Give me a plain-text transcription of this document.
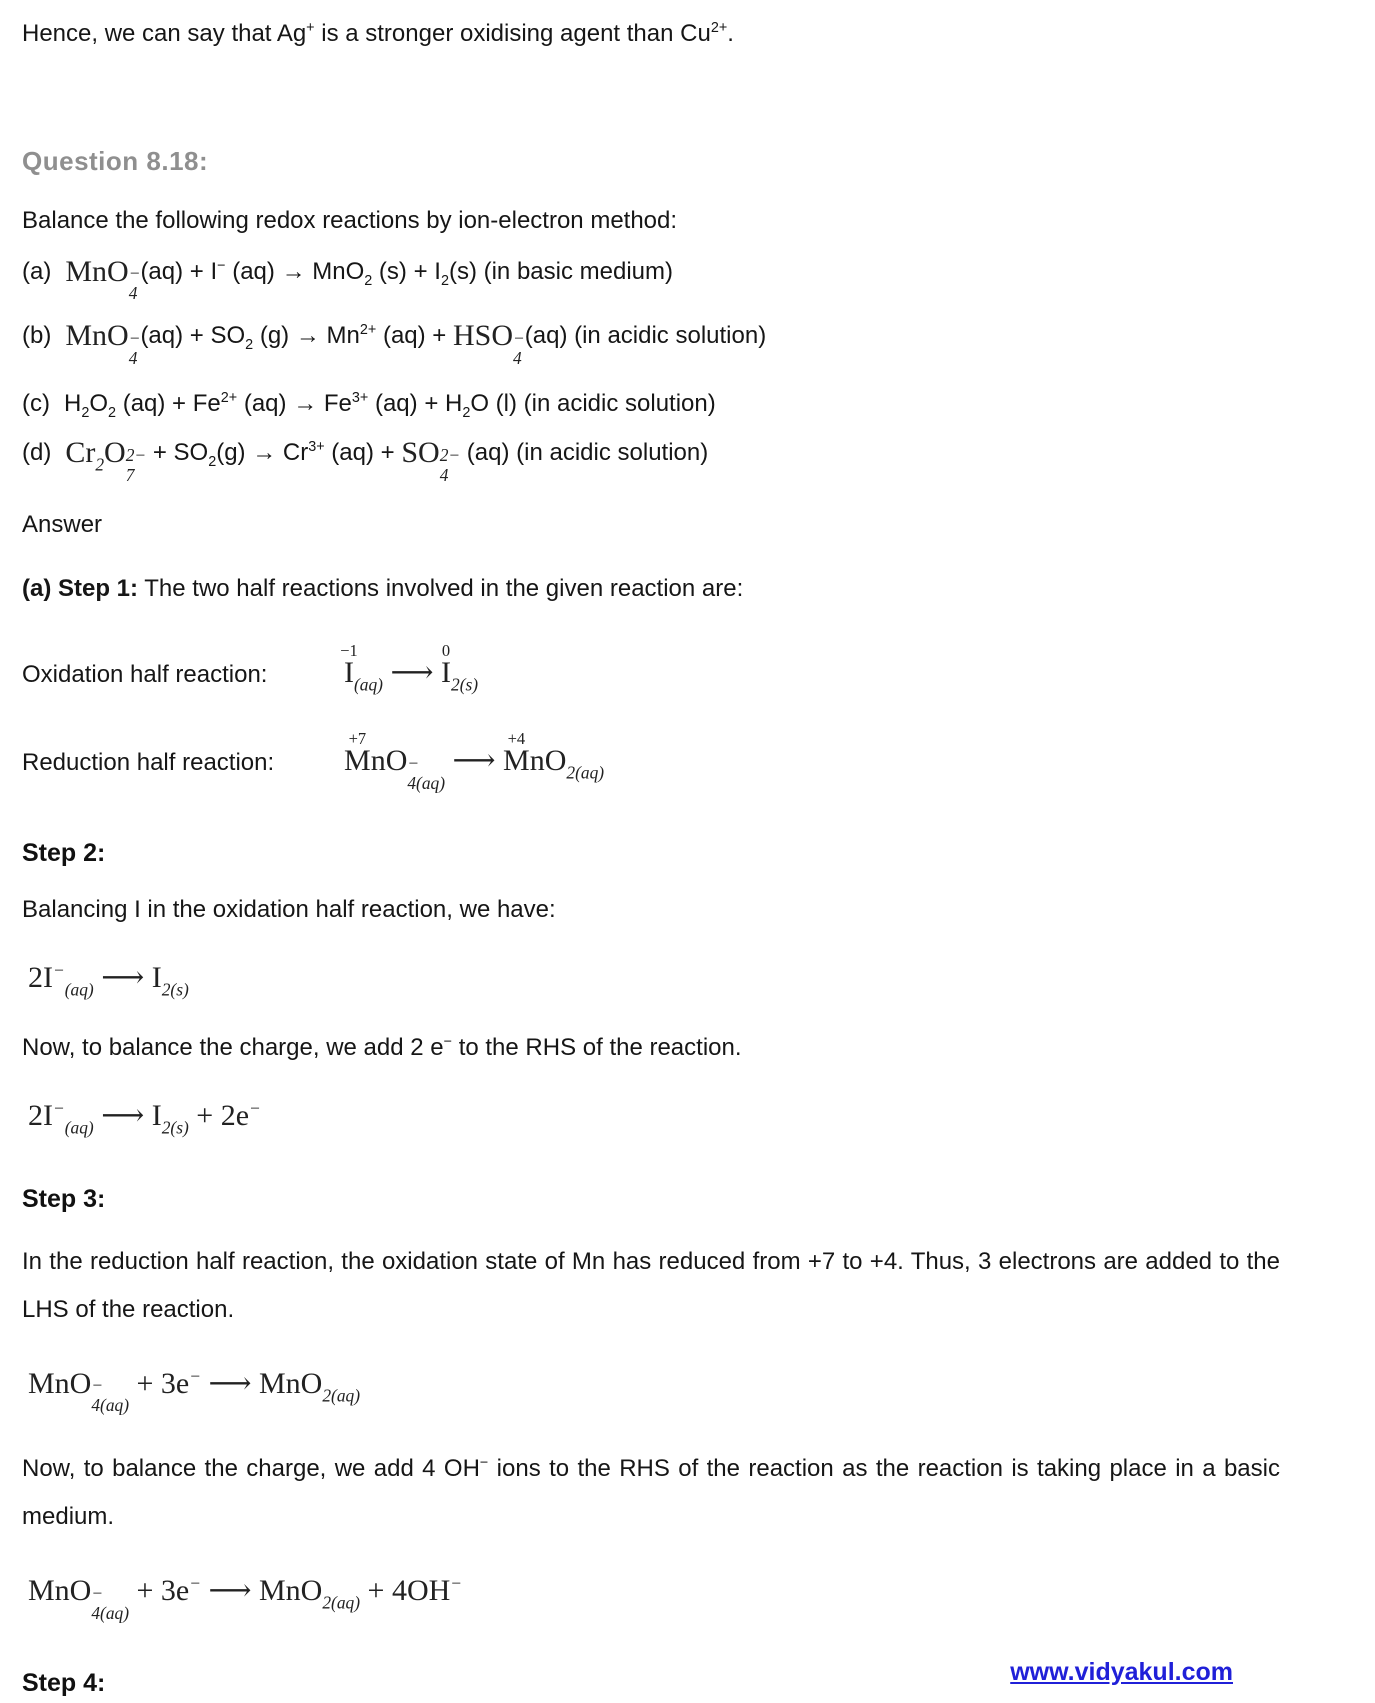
Hence, we can say that Ag+ is a stronger oxidising agent than $Cu^{2+}$.

Question 8.18:

Balance the following redox reactions by ion-electron method:

(a) MnO −
4
(aq) + I− (aq) → MnO$_2$ $(s) + I_2(s)$ (in basic medium)
(b) MnO −
4
$(aq) + SO_2$ $(g) \to Mn^{2+}$ (aq) + HSO −
4
(aq) (in acidic solution)
(c) $H_2O_2$ $(aq) + Fe^{2+}$ $(aq) \to Fe^{3+}$ $(aq) + H_2O$ (l) (in acidic solution)
(d) $Cr_2O$ 2−
7
+ $SO_2(g) \to Cr^{3+}$ (aq) + SO 2−
4
(aq) (in acidic solution)

Answer

(a) Step 1: The two half reactions involved in the given reaction are:

Oxidation half reaction:
−1
$I_{(aq)}$ ⟶
0
$I_{2(s)}$
Reduction half reaction:
+7
MnO −
4(aq)
⟶
+4
MnO$_{2(aq)}$
Step 2:

Balancing I in the oxidation half reaction, we have:

$2I^-_{(aq)}$ ⟶ $I_{2(s)}$

Now, to balance the charge, we add 2 e− to the RHS of the reaction.

$2I^-_{(aq)}$ ⟶ $I_{2(s)} + 2e^-$
Step 3:

In the reduction half reaction, the oxidation state of Mn has reduced from +7 to +4. Thus, 3 electrons are added to the LHS of the reaction.

MnO −
4(aq)
+ 3e− ⟶ MnO$_{2(aq)}$

Now, to balance the charge, we add 4 OH− ions to the RHS of the reaction as the reaction is taking place in a basic medium.

MnO −
4(aq)
+ 3e− ⟶ MnO$_{2(aq)}$ + 4OH−
Step 4:	www.vidyakul.com
